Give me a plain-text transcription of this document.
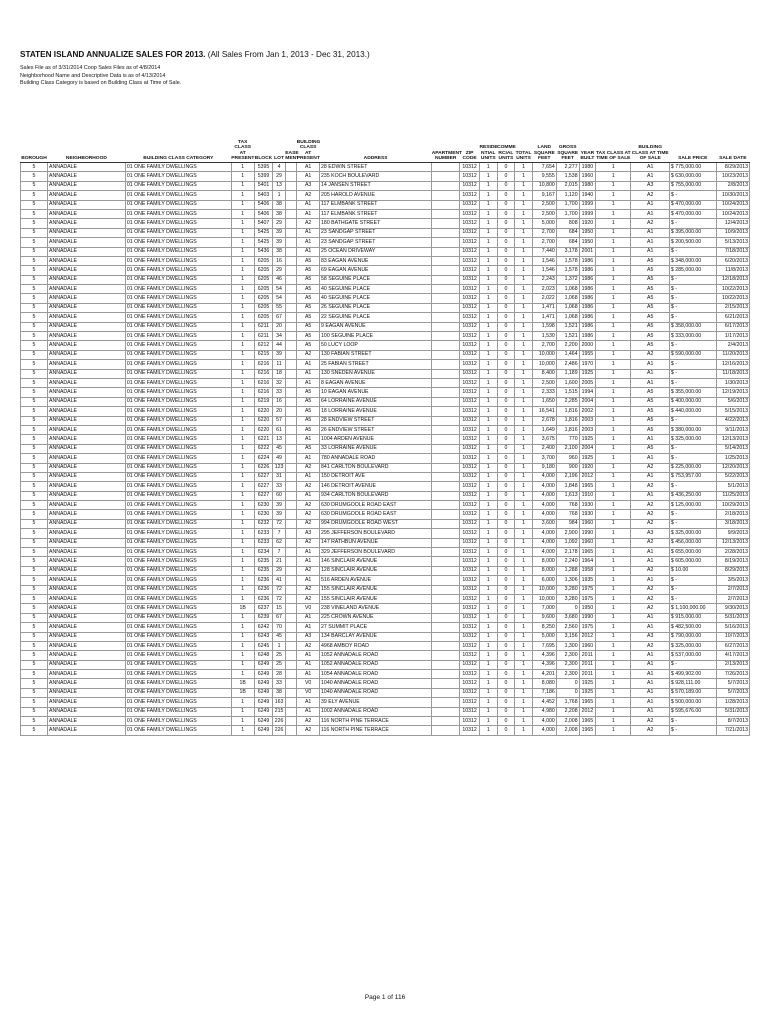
STATEN ISLAND ANNUALIZE SALES FOR 2013. (All Sales From Jan 1, 2013 - Dec 31, 2013.)
Sales File as of 3/31/2014 Coop Sales Files as of 4/8/2014
Neighborhood Name and Descriptive Data is as of 4/13/2014
Building Class Category is based on Building Class at Time of Sale.
BOROUGH	NEIGHBORHOOD	BUILDING CLASS CATEGORY	TAX CLASS AT PRESENT	BLOCK	LOT	EASE MENT	BUILDING CLASS AT PRESENT	ADDRESS	APARTMENT NUMBER	ZIP CODE	RESIDE NTIAL UNITS	COMME RCIAL UNITS	TOTAL UNITS	LAND SQUARE FEET	GROSS SQUARE FEET	YEAR BUILT	TAX CLASS AT TIME OF SALE	BUILDING CLASS AT TIME OF SALE	SALE PRICE	SALE DATE
5	ANNADALE	01 ONE FAMILY DWELLINGS	1	5395	4		A1	28 EDWIN STREET		10312	1	0	1	7,654	2,277	1980	1	A1	$ 775,000.00	8/29/2013
5	ANNADALE	01 ONE FAMILY DWELLINGS	1	5399	29		A1	235 KOCH BOULEVARD		10312	1	0	1	9,555	1,538	1960	1	A1	$ 630,000.00	10/23/2013
5	ANNADALE	01 ONE FAMILY DWELLINGS	1	5401	13		A3	14 JANSEN STREET		10312	1	0	1	10,800	2,015	1980	1	A3	$ 755,000.00	2/8/2013
5	ANNADALE	01 ONE FAMILY DWELLINGS	1	5403	1		A2	205 HAROLD AVENUE		10312	1	0	1	9,167	1,120	1940	1	A2	$ -	10/30/2013
5	ANNADALE	01 ONE FAMILY DWELLINGS	1	5406	38		A1	117 ELMBANK STREET		10312	1	0	1	2,500	1,700	1999	1	A1	$ 470,000.00	10/24/2013
5	ANNADALE	01 ONE FAMILY DWELLINGS	1	5406	38		A1	117 ELMBANK STREET		10312	1	0	1	2,500	1,700	1999	1	A1	$ 470,000.00	10/24/2013
5	ANNADALE	01 ONE FAMILY DWELLINGS	1	5407	29		A2	180 BATHGATE STREET		10312	1	0	1	5,000	808	1920	1	A2	$ -	12/4/2013
5	ANNADALE	01 ONE FAMILY DWELLINGS	1	5425	39		A1	23 SANDGAP STREET		10312	1	0	1	2,700	684	1950	1	A1	$ 395,000.00	10/9/2013
5	ANNADALE	01 ONE FAMILY DWELLINGS	1	5425	39		A1	23 SANDGAP STREET		10312	1	0	1	2,700	684	1950	1	A1	$ 200,500.00	5/13/2013
5	ANNADALE	01 ONE FAMILY DWELLINGS	1	5436	38		A1	25 OCEAN DRIVEWAY		10312	1	0	1	7,440	3,178	2001	1	A1	$ -	7/18/2013
5	ANNADALE	01 ONE FAMILY DWELLINGS	1	6205	16		A5	83 EAGAN AVENUE		10312	1	0	1	1,546	1,578	1986	1	A5	$ 348,000.00	6/20/2013
5	ANNADALE	01 ONE FAMILY DWELLINGS	1	6205	29		A5	69 EAGAN AVENUE		10312	1	0	1	1,546	1,578	1986	1	A5	$ 285,000.00	11/8/2013
5	ANNADALE	01 ONE FAMILY DWELLINGS	1	6205	46		A5	58 SEGUINE PLACE		10312	1	0	1	2,243	1,372	1986	1	A5	$ -	12/18/2013
5	ANNADALE	01 ONE FAMILY DWELLINGS	1	6205	54		A5	40 SEGUINE PLACE		10312	1	0	1	2,023	1,068	1986	1	A5	$ -	10/22/2013
5	ANNADALE	01 ONE FAMILY DWELLINGS	1	6205	54		A5	40 SEGUINE PLACE		10312	1	0	1	2,022	1,068	1986	1	A5	$ -	10/22/2013
5	ANNADALE	01 ONE FAMILY DWELLINGS	1	6205	55		A5	26 SEGUINE PLACE		10312	1	0	1	1,471	1,068	1986	1	A5	$ -	2/15/2013
5	ANNADALE	01 ONE FAMILY DWELLINGS	1	6205	67		A5	22 SEGUINE PLACE		10312	1	0	1	1,471	1,068	1986	1	A5	$ -	6/21/2013
5	ANNADALE	01 ONE FAMILY DWELLINGS	1	6211	20		A5	9 EAGAN AVENUE		10312	1	0	1	1,598	1,521	1986	1	A5	$ 358,000.00	6/17/2013
5	ANNADALE	01 ONE FAMILY DWELLINGS	1	6211	34		A5	100 SEGUINE PLACE		10312	1	0	1	1,530	1,521	1986	1	A5	$ 333,000.00	1/17/2013
5	ANNADALE	01 ONE FAMILY DWELLINGS	1	6212	44		A5	50 LUCY LOOP		10312	1	0	1	2,700	2,200	2000	1	A5	$ -	2/4/2013
5	ANNADALE	01 ONE FAMILY DWELLINGS	1	6215	39		A2	130 FABIAN STREET		10312	1	0	1	10,000	1,464	1955	1	A2	$ 590,000.00	11/20/2013
5	ANNADALE	01 ONE FAMILY DWELLINGS	1	6216	11		A1	25 FABIAN STREET		10312	1	0	1	10,000	2,486	1970	1	A1	$ -	12/16/2013
5	ANNADALE	01 ONE FAMILY DWELLINGS	1	6216	18		A1	130 SNEDEN AVENUE		10312	1	0	1	8,400	1,189	1925	1	A1	$ -	11/18/2013
5	ANNADALE	01 ONE FAMILY DWELLINGS	1	6216	32		A1	8 EAGAN AVENUE		10312	1	0	1	2,500	1,600	2005	1	A1	$ -	1/30/2013
5	ANNADALE	01 ONE FAMILY DWELLINGS	1	6216	33		A5	10 EAGAN AVENUE		10312	1	0	1	2,333	1,515	1994	1	A5	$ 355,000.00	12/19/2013
5	ANNADALE	01 ONE FAMILY DWELLINGS	1	6219	16		A5	64 LORRAINE AVENUE		10312	1	0	1	1,650	2,285	2004	1	A5	$ 400,000.00	5/6/2013
5	ANNADALE	01 ONE FAMILY DWELLINGS	1	6220	20		A5	18 LORRAINE AVENUE		10312	1	0	1	16,541	1,816	2002	1	A5	$ 440,000.00	5/15/2013
5	ANNADALE	01 ONE FAMILY DWELLINGS	1	6220	57		A5	28 ENDVIEW STREET		10312	1	0	1	2,678	1,816	2003	1	A5	$ -	4/22/2013
5	ANNADALE	01 ONE FAMILY DWELLINGS	1	6220	61		A5	26 ENDVIEW STREET		10312	1	0	1	1,649	1,816	2003	1	A5	$ 380,000.00	9/11/2013
5	ANNADALE	01 ONE FAMILY DWELLINGS	1	6221	13		A1	1004 ARDEN AVENUE		10312	1	0	1	3,675	770	1925	1	A1	$ 325,000.00	12/13/2013
5	ANNADALE	01 ONE FAMILY DWELLINGS	1	6222	45		A5	33 LORRAINE AVENUE		10312	1	0	1	2,400	2,100	2004	1	A5	$ -	5/14/2013
5	ANNADALE	01 ONE FAMILY DWELLINGS	1	6224	49		A1	780 ANNADALE ROAD		10312	1	0	1	3,700	960	1925	1	A1	$ -	1/25/2013
5	ANNADALE	01 ONE FAMILY DWELLINGS	1	6226	123		A2	841 CARLTON BOULEVARD		10312	1	0	1	9,180	900	1920	1	A2	$ 225,000.00	12/20/2013
5	ANNADALE	01 ONE FAMILY DWELLINGS	1	6227	31		A1	150 DETROIT AVE		10312	1	0	1	4,000	2,196	2012	1	A1	$ 753,957.00	5/22/2013
5	ANNADALE	01 ONE FAMILY DWELLINGS	1	6227	33		A2	146 DETROIT AVENUE		10312	1	0	1	4,000	1,848	1965	1	A2	$ -	5/1/2013
5	ANNADALE	01 ONE FAMILY DWELLINGS	1	6227	60		A1	934 CARLTON BOULEVARD		10312	1	0	1	4,000	1,613	1910	1	A1	$ 436,250.00	11/25/2013
5	ANNADALE	01 ONE FAMILY DWELLINGS	1	6230	39		A2	630 DRUMGOOLE ROAD EAST		10312	1	0	1	4,000	768	1930	1	A2	$ 125,000.00	10/29/2013
5	ANNADALE	01 ONE FAMILY DWELLINGS	1	6230	39		A2	630 DRUMGOOLE ROAD EAST		10312	1	0	1	4,000	768	1930	1	A2	$ -	2/18/2013
5	ANNADALE	01 ONE FAMILY DWELLINGS	1	6232	72		A2	994 DRUMGOOLE ROAD WEST		10312	1	0	1	3,600	984	1960	1	A2	$ -	3/18/2013
5	ANNADALE	01 ONE FAMILY DWELLINGS	1	6233	7		A3	295 JEFFERSON BOULEVARD		10312	1	0	1	4,000	2,900	1990	1	A3	$ 325,000.00	9/9/2013
5	ANNADALE	01 ONE FAMILY DWELLINGS	1	6233	62		A2	147 RATHBUN AVENUE		10312	1	0	1	4,000	1,092	1960	1	A2	$ 456,000.00	12/13/2013
5	ANNADALE	01 ONE FAMILY DWELLINGS	1	6234	7		A1	329 JEFFERSON BOULEVARD		10312	1	0	1	4,000	2,178	1965	1	A1	$ 655,000.00	2/28/2013
5	ANNADALE	01 ONE FAMILY DWELLINGS	1	6235	21		A1	146 SINCLAIR AVENUE		10312	1	0	1	8,000	2,240	1964	1	A1	$ 605,000.00	8/19/2013
5	ANNADALE	01 ONE FAMILY DWELLINGS	1	6235	29		A2	128 SINCLAIR AVENUE		10312	1	0	1	8,000	1,288	1958	1	A2	$ 10.00	8/29/2013
5	ANNADALE	01 ONE FAMILY DWELLINGS	1	6236	41		A1	516 ARDEN AVENUE		10312	1	0	1	6,000	1,306	1935	1	A1	$ -	3/5/2013
5	ANNADALE	01 ONE FAMILY DWELLINGS	1	6236	72		A2	155 SINCLAIR AVENUE		10312	1	0	1	10,000	3,280	1975	1	A2	$ -	2/7/2013
5	ANNADALE	01 ONE FAMILY DWELLINGS	1	6236	72		A2	155 SINCLAIR AVENUE		10312	1	0	1	10,000	3,280	1975	1	A2	$ -	2/7/2013
5	ANNADALE	01 ONE FAMILY DWELLINGS	1B	6237	15		V0	238 VINELAND AVENUE		10312	1	0	1	7,000	0	1950	1	A2	$ 1,100,000.00	9/30/2013
5	ANNADALE	01 ONE FAMILY DWELLINGS	1	6239	67		A1	225 CROWN AVENUE		10312	1	0	1	9,600	3,680	1990	1	A1	$ 915,000.00	5/31/2013
5	ANNADALE	01 ONE FAMILY DWELLINGS	1	6242	70		A1	27 SUMMIT PLACE		10312	1	0	1	8,250	2,560	1975	1	A1	$ 482,500.00	5/16/2013
5	ANNADALE	01 ONE FAMILY DWELLINGS	1	6243	45		A3	134 BARCLAY AVENUE		10312	1	0	1	5,000	3,156	2012	1	A3	$ 790,000.00	10/7/2013
5	ANNADALE	01 ONE FAMILY DWELLINGS	1	6245	1		A2	4968 AMBOY ROAD		10312	1	0	1	7,695	1,300	1960	1	A2	$ 325,000.00	6/27/2013
5	ANNADALE	01 ONE FAMILY DWELLINGS	1	6248	25		A1	1052 ANNADALE ROAD		10312	1	0	1	4,396	2,300	2011	1	A1	$ 537,000.00	4/17/2013
5	ANNADALE	01 ONE FAMILY DWELLINGS	1	6249	25		A1	1052 ANNADALE ROAD		10312	1	0	1	4,396	2,300	2011	1	A1	$ -	2/13/2013
5	ANNADALE	01 ONE FAMILY DWELLINGS	1	6249	28		A1	1054 ANNADALE ROAD		10312	1	0	1	4,201	2,300	2011	1	A1	$ 499,902.00	7/26/2013
5	ANNADALE	01 ONE FAMILY DWELLINGS	1B	6249	33		V0	1040 ANNADALE ROAD		10312	1	0	1	8,080	0	1925	1	A1	$ 928,111.00	5/7/2013
5	ANNADALE	01 ONE FAMILY DWELLINGS	1B	6249	38		V0	1040 ANNADALE ROAD		10312	1	0	1	7,186	0	1925	1	A1	$ 570,189.00	5/7/2013
5	ANNADALE	01 ONE FAMILY DWELLINGS	1	6249	163		A1	39 ELY AVENUE		10312	1	0	1	4,452	1,768	1965	1	A1	$ 500,000.00	1/28/2013
5	ANNADALE	01 ONE FAMILY DWELLINGS	1	6249	215		A1	1002 ANNADALE ROAD		10312	1	0	1	4,980	2,208	2012	1	A1	$ 595,676.00	5/31/2013
5	ANNADALE	01 ONE FAMILY DWELLINGS	1	6249	226		A2	116 NORTH PINE TERRACE		10312	1	0	1	4,000	2,008	1965	1	A2	$ -	8/7/2013
5	ANNADALE	01 ONE FAMILY DWELLINGS	1	6249	226		A2	116 NORTH PINE TERRACE		10312	1	0	1	4,000	2,008	1965	1	A2	$ -	7/21/2013
Page 1 of 116
